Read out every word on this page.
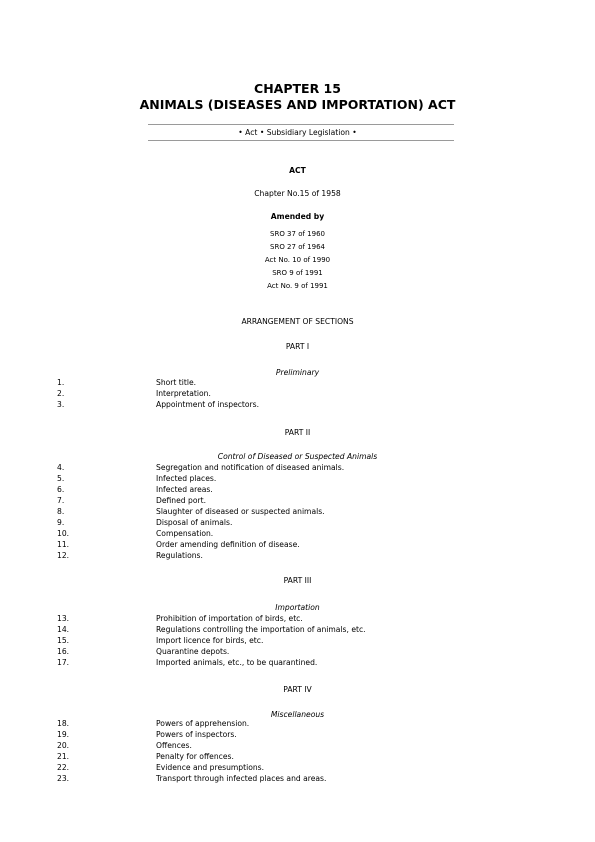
CHAPTER 15
ANIMALS (DISEASES AND IMPORTATION) ACT
• Act • Subsidiary Legislation •
ACT
Chapter No.15 of 1958
Amended by
SRO 37 of 1960
SRO 27 of 1964
Act No. 10 of 1990
SRO 9 of 1991
Act No. 9 of 1991
ARRANGEMENT OF SECTIONS
PART I
Preliminary
1.	Short title.
2.	Interpretation.
3.	Appointment of inspectors.
PART II
Control of Diseased or Suspected Animals
4.	Segregation and notification of diseased animals.
5.	Infected places.
6.	Infected areas.
7.	Defined port.
8.	Slaughter of diseased or suspected animals.
9.	Disposal of animals.
10.	Compensation.
11.	Order amending definition of disease.
12.	Regulations.
PART III
Importation
13.	Prohibition of importation of birds, etc.
14.	Regulations controlling the importation of animals, etc.
15.	Import licence for birds, etc.
16.	Quarantine depots.
17.	Imported animals, etc., to be quarantined.
PART IV
Miscellaneous
18.	Powers of apprehension.
19.	Powers of inspectors.
20.	Offences.
21.	Penalty for offences.
22.	Evidence and presumptions.
23.	Transport through infected places and areas.
